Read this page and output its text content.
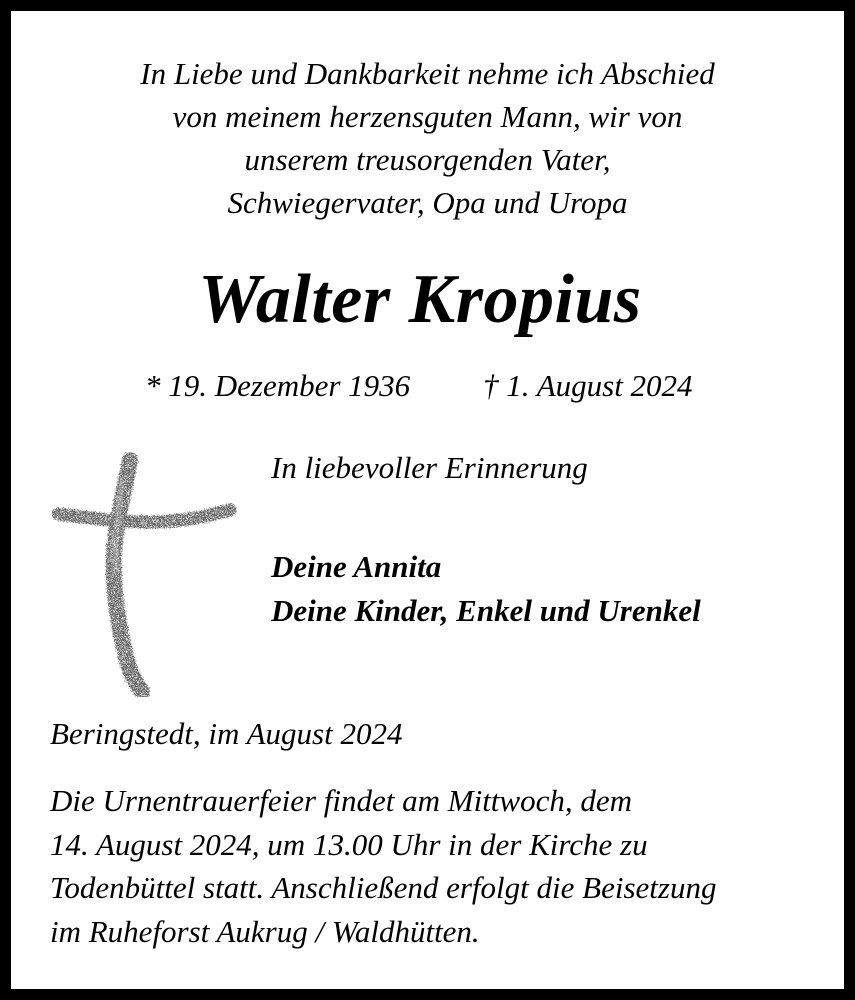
In Liebe und Dankbarkeit nehme ich Abschied
von meinem herzensguten Mann, wir von
unserem treusorgenden Vater,
Schwiegervater, Opa und Uropa
Walter Kropius
* 19. Dezember 1936 † 1. August 2024
In liebevoller Erinnerung
Deine Annita
Deine Kinder, Enkel und Urenkel
Beringstedt, im August 2024
Die Urnentrauerfeier findet am Mittwoch, dem
14. August 2024, um 13.00 Uhr in der Kirche zu
Todenbüttel statt. Anschließend erfolgt die Beisetzung
im Ruheforst Aukrug / Waldhütten.
